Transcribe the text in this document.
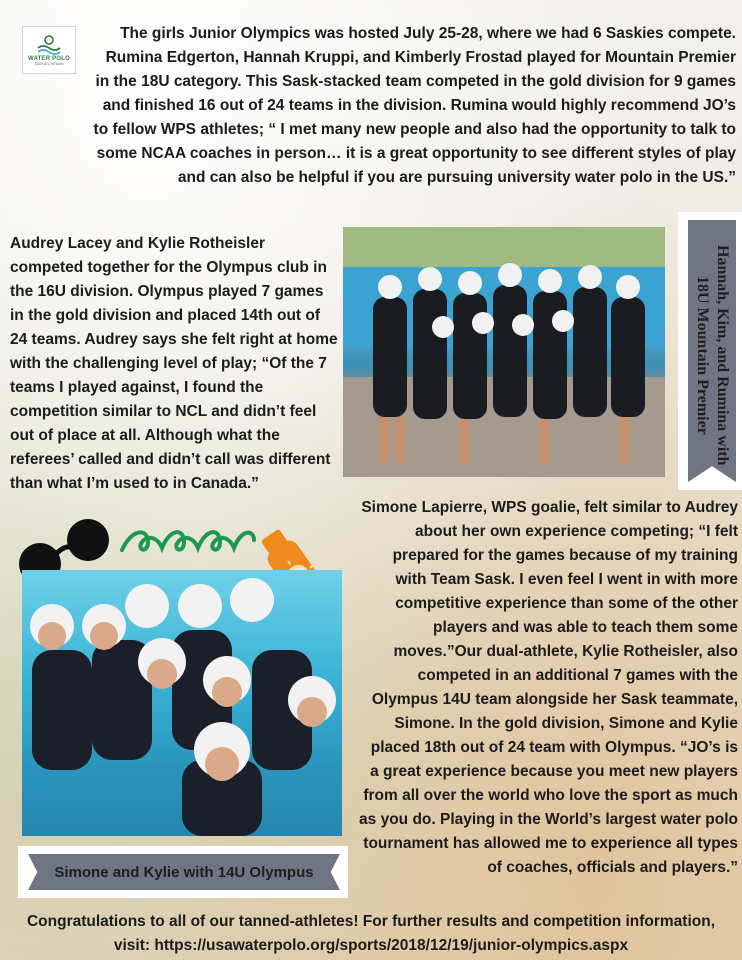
WATER POLO
SASKATCHEWAN
The girls Junior Olympics was hosted July 25-28, where we had 6 Saskies compete. Rumina Edgerton, Hannah Kruppi, and Kimberly Frostad played for Mountain Premier in the 18U category. This Sask-stacked team competed in the gold division for 9 games and finished 16 out of 24 teams in the division. Rumina would highly recommend JO’s to fellow WPS athletes; “ I met many new people and also had the opportunity to talk to some NCAA coaches in person… it is a great opportunity to see different styles of play and can also be helpful if you are pursuing university water polo in the US.”
Audrey Lacey and Kylie Rotheisler competed together for the Olympus club in the 16U division. Olympus played 7 games in the gold division and placed 14th out of 24 teams. Audrey says she felt right at home with the challenging level of play; “Of the 7 teams I played against, I found the competition similar to NCL and didn’t feel out of place at all. Although what the referees’ called and didn’t call was different than what I’m used to in Canada.”
Hannah, Kim, and Rumina with 18U Mountain Premier
Simone Lapierre, WPS goalie, felt similar to Audrey about her own experience competing; “I felt prepared for the games because of my training with Team Sask. I even feel I went in with more competitive experience than some of the other players and was able to teach them some moves.”Our dual-athlete, Kylie Rotheisler, also competed in an additional 7 games with the Olympus 14U team alongside her Sask teammate, Simone. In the gold division, Simone and Kylie placed 18th out of 24 team with Olympus. “JO’s is a great experience because you meet new players from all over the world who love the sport as much as you do. Playing in the World’s largest water polo tournament has allowed me to experience all types of coaches, officials and players.”
Simone and Kylie with 14U Olympus
Congratulations to all of our tanned-athletes! For further results and competition information, visit: https://usawaterpolo.org/sports/2018/12/19/junior-olympics.aspx
